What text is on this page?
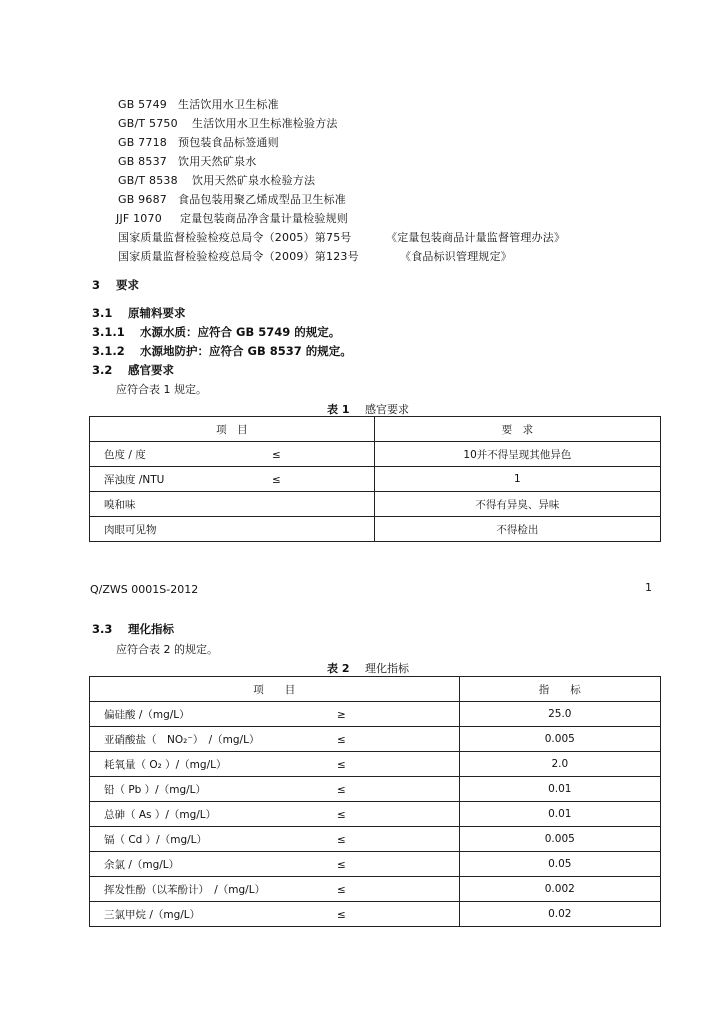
GB 5749 生活饮用水卫生标准
GB/T 5750 生活饮用水卫生标准检验方法
GB 7718 预包装食品标签通则
GB 8537 饮用天然矿泉水
GB/T 8538 饮用天然矿泉水检验方法
GB 9687 食品包装用聚乙烯成型品卫生标准
JJF 1070 定量包装商品净含量计量检验规则
国家质量监督检验检疫总局令（2005）第75号	《定量包装商品计量监督管理办法》
国家质量监督检验检疫总局令（2009）第123号	《食品标识管理规定》
3 要求
3.1 原辅料要求
3.1.1 水源水质：应符合 GB 5749 的规定。
3.1.2 水源地防护：应符合 GB 8537 的规定。
3.2 感官要求
应符合表 1 规定。
表 1 感官要求
项　目	要　求
色度 / 度 ≤	10并不得呈现其他异色
浑浊度 /NTU ≤	1
嗅和味	不得有异臭、异味
肉眼可见物	不得检出
Q/ZWS 0001S-2012	1
3.3 理化指标
应符合表 2 的规定。
表 2 理化指标
项　　目	指　　标
偏硅酸 /（mg/L） ≥	25.0
亚硝酸盐（　NO₂⁻）　/（mg/L） ≤	0.005
耗氧量（ O₂ ）/（mg/L） ≤	2.0
铅（ Pb ）/（mg/L） ≤	0.01
总砷（ As ）/（mg/L） ≤	0.01
镉（ Cd ）/（mg/L） ≤	0.005
余氯 /（mg/L） ≤	0.05
挥发性酚（以苯酚计）　/（mg/L） ≤	0.002
三氯甲烷 /（mg/L） ≤	0.02
